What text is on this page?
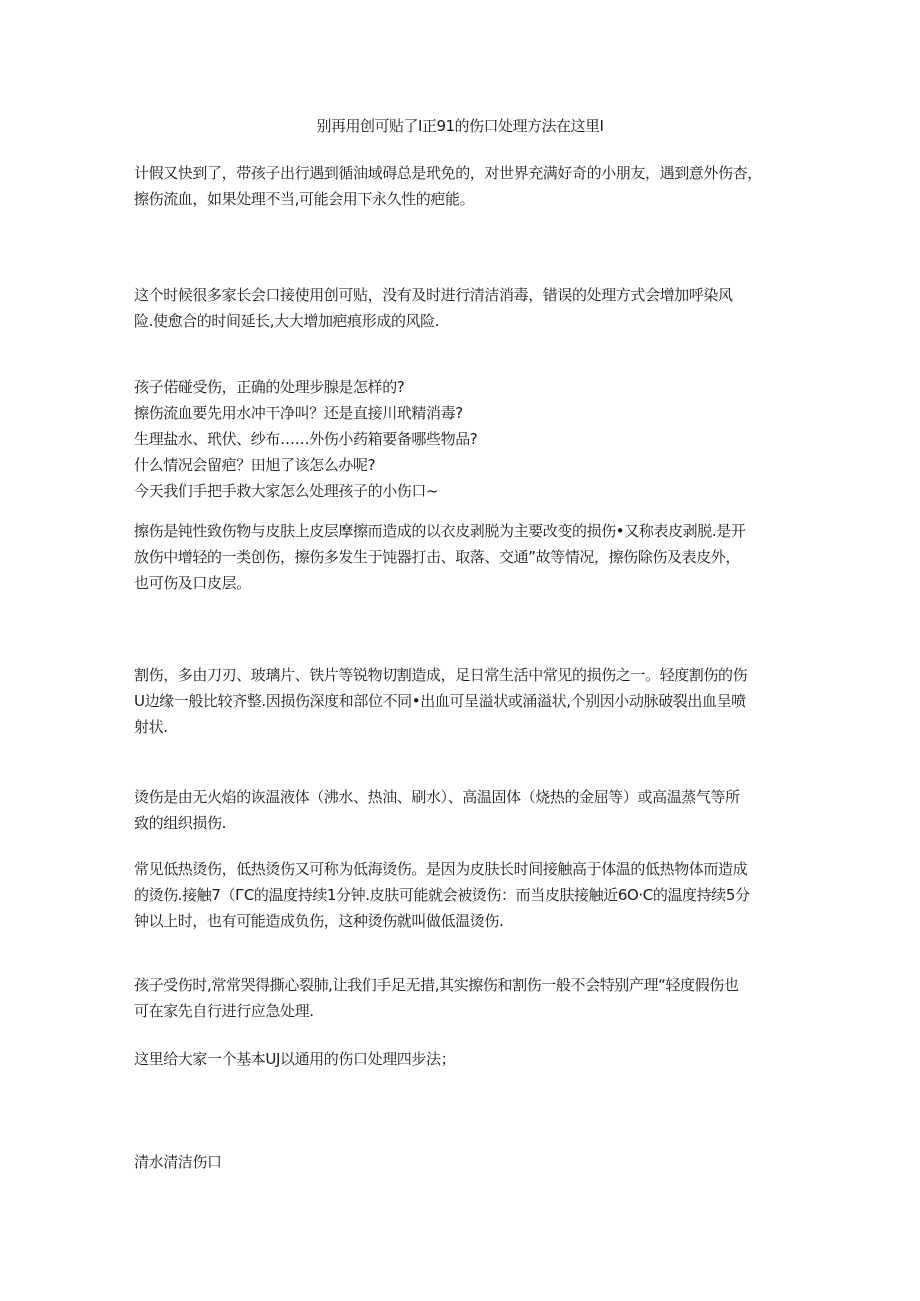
别再用创可贴了I正91的伤口处理方法在这里I

计假又快到了，带孩子出行遇到循油域碍总是玳免的，对世界充满好奇的小朋友，遇到意外伤杏，
擦伤流血，如果处理不当,可能会用下永久性的疤能。

这个时候很多家长会口接使用创可贴，没有及时进行清洁消毒，错误的处理方式会增加呼染风
险.使愈合的时间延长,大大增加疤痕形成的风险.

孩子偌碰受伤，正确的处理步腺是怎样的?
擦伤流血要先用水冲干净叫？还是直接川玳精消毒?
生理盐水、玳伏、纱布……外伤小药箱要备哪些物品?
什么情况会留疤？田旭了该怎么办呢?
今天我们手把手救大家怎么处理孩子的小伤口~

擦伤是钝性致伤物与皮肤上皮层摩擦而造成的以衣皮剥脱为主要改变的损伤•又称表皮剥脱.是开
放伤中增轻的一类创伤，擦伤多发生于饨器打击、取落、交通”故等情况，擦伤除伤及表皮外，
也可伤及口皮层。

割伤，多由刀刃、玻璃片、铁片等锐物切割造成，足日常生活中常见的损伤之一。轻度割伤的伤
U边缘一般比较齐整.因损伤深度和部位不同•出血可呈溢状或涌溢状,个别因小动脉破裂出血呈喷
射状.

烫伤是由无火焰的诙温液体（沸水、热油、刷水）、高温固体（烧热的金屈等）或高温蒸气等所
致的组织损伤.

常见低热烫伤，低热烫伤又可称为低海烫伤。是因为皮肤长时间接触高于体温的低热物体而造成
的烫伤.接触7（ГC的温度持续1分钟.皮肤可能就会被烫伤：而当皮肤接触近6O·C的温度持续5分
钟以上时，也有可能造成负伤，这种烫伤就叫做低温烫伤.

孩子受伤时,常常哭得撕心裂肺,让我们手足无措,其实擦伤和割伤一般不会特别产理“轻度假伤也
可在家先自行进行应急处理.

这里给大家一个基本UJ以通用的伤口处理四步法；

清水清洁伤口
